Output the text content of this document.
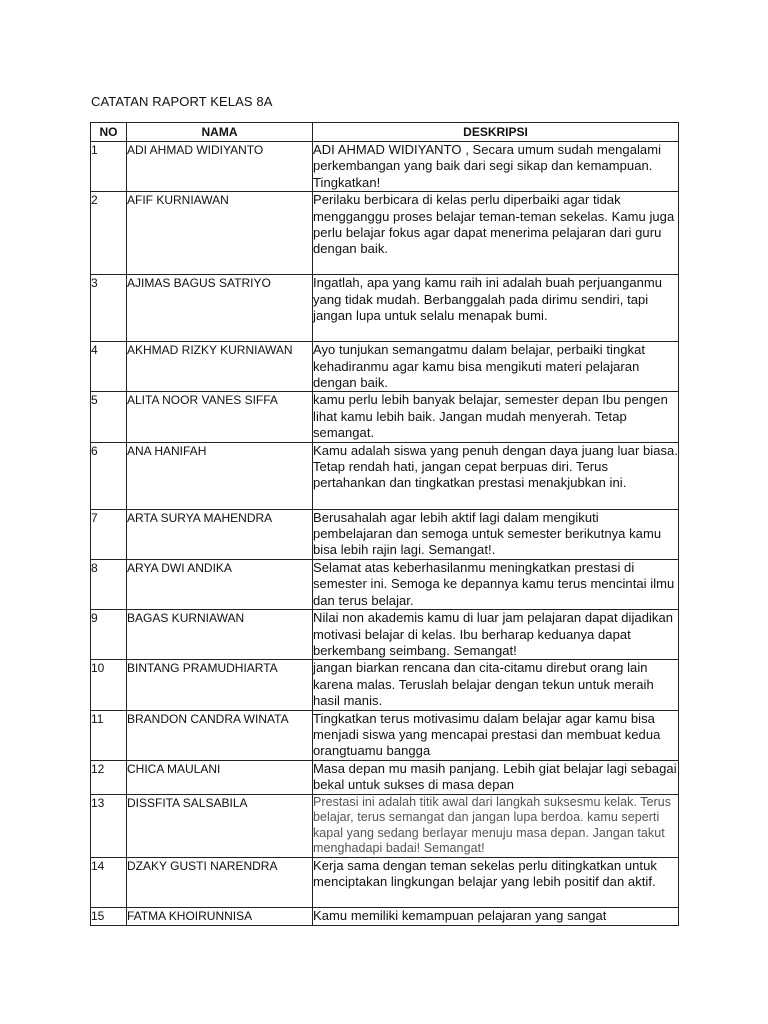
CATATAN RAPORT KELAS 8A
NO	NAMA	DESKRIPSI
1	ADI AHMAD WIDIYANTO	ADI AHMAD WIDIYANTO , Secara umum sudah mengalami perkembangan yang baik dari segi sikap dan kemampuan. Tingkatkan!
2	AFIF KURNIAWAN	Perilaku berbicara di kelas perlu diperbaiki agar tidak mengganggu proses belajar teman-teman sekelas. Kamu juga perlu belajar fokus agar dapat menerima pelajaran dari guru dengan baik.
3	AJIMAS BAGUS SATRIYO	Ingatlah, apa yang kamu raih ini adalah buah perjuanganmu yang tidak mudah. Berbanggalah pada dirimu sendiri, tapi jangan lupa untuk selalu menapak bumi.
4	AKHMAD RIZKY KURNIAWAN	Ayo tunjukan semangatmu dalam belajar, perbaiki tingkat kehadiranmu agar kamu bisa mengikuti materi pelajaran dengan baik.
5	ALITA NOOR VANES SIFFA	kamu perlu lebih banyak belajar, semester depan Ibu pengen lihat kamu lebih baik. Jangan mudah menyerah. Tetap semangat.
6	ANA HANIFAH	Kamu adalah siswa yang penuh dengan daya juang luar biasa. Tetap rendah hati, jangan cepat berpuas diri. Terus pertahankan dan tingkatkan prestasi menakjubkan ini.
7	ARTA SURYA MAHENDRA	Berusahalah agar lebih aktif lagi dalam mengikuti pembelajaran dan semoga untuk semester berikutnya kamu bisa lebih rajin lagi. Semangat!.
8	ARYA DWI ANDIKA	Selamat atas keberhasilanmu meningkatkan prestasi di semester ini. Semoga ke depannya kamu terus mencintai ilmu dan terus belajar.
9	BAGAS KURNIAWAN	Nilai non akademis kamu di luar jam pelajaran dapat dijadikan motivasi belajar di kelas. Ibu berharap keduanya dapat berkembang seimbang. Semangat!
10	BINTANG PRAMUDHIARTA	jangan biarkan rencana dan cita-citamu direbut orang lain karena malas. Teruslah belajar dengan tekun untuk meraih hasil manis.
11	BRANDON CANDRA WINATA	Tingkatkan terus motivasimu dalam belajar agar kamu bisa menjadi siswa yang mencapai prestasi dan membuat kedua orangtuamu bangga
12	CHICA MAULANI	Masa depan mu masih panjang. Lebih giat belajar lagi sebagai bekal untuk sukses di masa depan
13	DISSFITA SALSABILA	Prestasi ini adalah titik awal dari langkah suksesmu kelak. Terus belajar, terus semangat dan jangan lupa berdoa. kamu seperti kapal yang sedang berlayar menuju masa depan. Jangan takut menghadapi badai! Semangat!
14	DZAKY GUSTI NARENDRA	Kerja sama dengan teman sekelas perlu ditingkatkan untuk menciptakan lingkungan belajar yang lebih positif dan aktif.
15	FATMA KHOIRUNNISA	Kamu memiliki kemampuan pelajaran yang sangat
